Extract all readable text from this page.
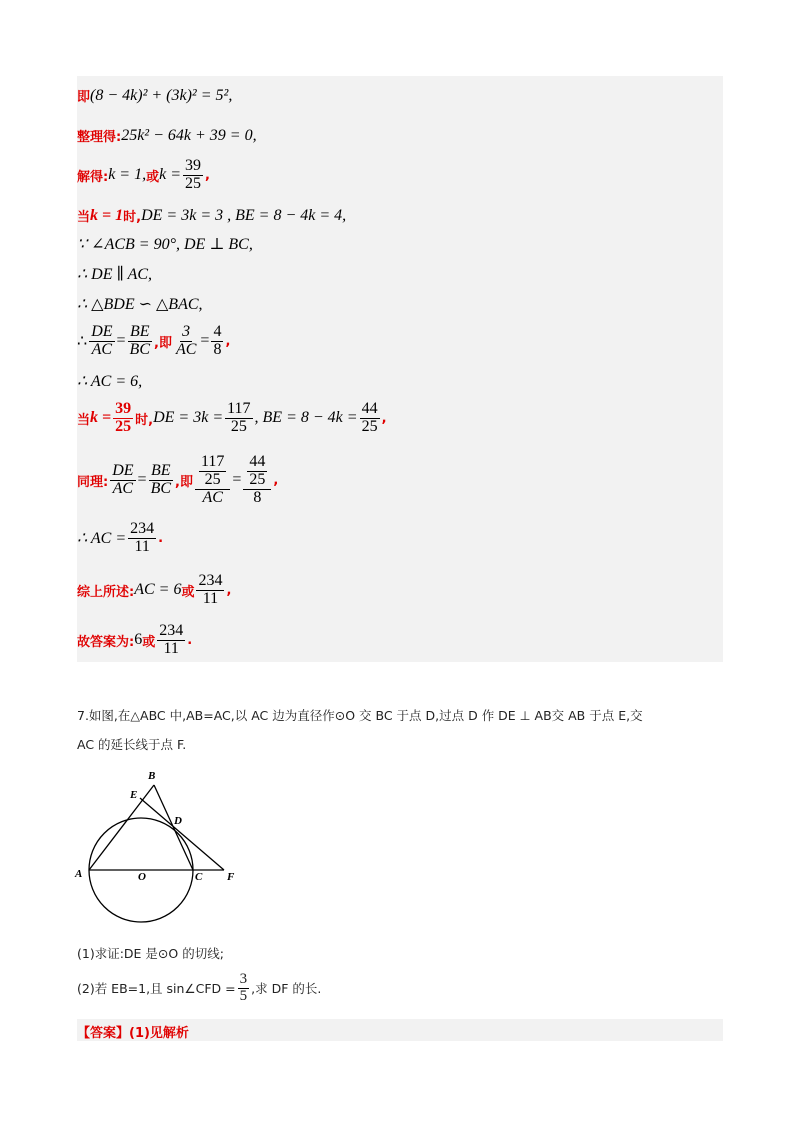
即 (8 − 4k)² + (3k)² = 5²,
整理得: 25k² − 64k + 39 = 0,
解得: k = 1, 或 $k = \frac{39}{25}$ ,
当 k = 1 时, DE = 3k = 3 , BE = 8 − 4k = 4,
∵ ∠ACB = 90°, DE ⊥ BC,
∴ DE ∥ AC,
∴ △BDE ∽ △BAC,
∴ $\frac{DE}{AC} = \frac{BE}{BC}$ ,即 $\frac{3}{AC} = \frac{4}{8}$ ,
∴ AC = 6,
当 $k = \frac{39}{25}$ 时, DE = $3k = \frac{117}{25}$ , BE = $8 - 4k = \frac{44}{25}$ ,
同理: $\frac{DE}{AC} = \frac{BE}{BC}$ ,即 $\frac{\frac{117}{25}}{AC} = \frac{\frac{44}{25}}{8}$ ,
∴ AC = $\frac{234}{11}$ .
综上所述: AC = 6 或 $\frac{234}{11}$ ,
故答案为: 6 或 $\frac{234}{11}$ .
7.如图,在△ABC 中,AB=AC,以 AC 边为直径作⊙O 交 BC 于点 D,过点 D 作 DE ⊥ AB交 AB 于点 E,交
AC 的延长线于点 F.
B
E
D
A	O	C F
(1)求证:DE 是⊙O 的切线;
(2)若 EB=1,且 sin∠CFD = $\frac{3}{5}$ ,求 DF 的长.
【答案】(1)见解析
